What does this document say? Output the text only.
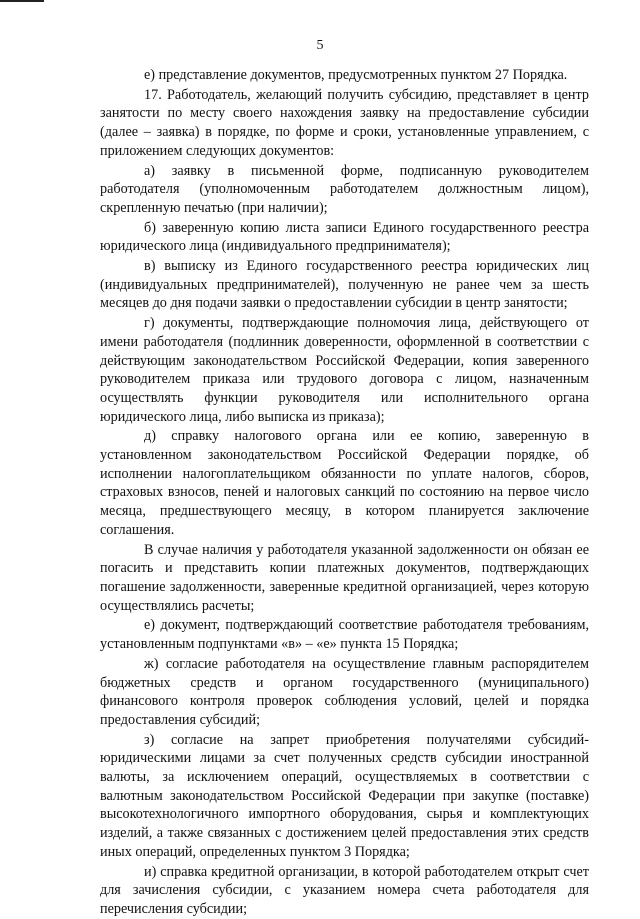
5

е) представление документов, предусмотренных пунктом 27 Порядка.

17. Работодатель, желающий получить субсидию, представляет в центр занятости по месту своего нахождения заявку на предоставление субсидии (далее – заявка) в порядке, по форме и сроки, установленные управлением, с приложением следующих документов:

а) заявку в письменной форме, подписанную руководителем работодателя (уполномоченным работодателем должностным лицом), скрепленную печатью (при наличии);

б) заверенную копию листа записи Единого государственного реестра юридического лица (индивидуального предпринимателя);

в) выписку из Единого государственного реестра юридических лиц (индивидуальных предпринимателей), полученную не ранее чем за шесть месяцев до дня подачи заявки о предоставлении субсидии в центр занятости;

г) документы, подтверждающие полномочия лица, действующего от имени работодателя (подлинник доверенности, оформленной в соответствии с действующим законодательством Российской Федерации, копия заверенного руководителем приказа или трудового договора с лицом, назначенным осуществлять функции руководителя или исполнительного органа юридического лица, либо выписка из приказа);

д) справку налогового органа или ее копию, заверенную в установленном законодательством Российской Федерации порядке, об исполнении налогоплательщиком обязанности по уплате налогов, сборов, страховых взносов, пеней и налоговых санкций по состоянию на первое число месяца, предшествующего месяцу, в котором планируется заключение соглашения.

В случае наличия у работодателя указанной задолженности он обязан ее погасить и представить копии платежных документов, подтверждающих погашение задолженности, заверенные кредитной организацией, через которую осуществлялись расчеты;

е) документ, подтверждающий соответствие работодателя требованиям, установленным подпунктами «в» – «е» пункта 15 Порядка;

ж) согласие работодателя на осуществление главным распорядителем бюджетных средств и органом государственного (муниципального) финансового контроля проверок соблюдения условий, целей и порядка предоставления субсидий;

з) согласие на запрет приобретения получателями субсидий-юридическими лицами за счет полученных средств субсидии иностранной валюты, за исключением операций, осуществляемых в соответствии с валютным законодательством Российской Федерации при закупке (поставке) высокотехнологичного импортного оборудования, сырья и комплектующих изделий, а также связанных с достижением целей предоставления этих средств иных операций, определенных пунктом 3 Порядка;

и) справка кредитной организации, в которой работодателем открыт счет для зачисления субсидии, с указанием номера счета работодателя для перечисления субсидии;
